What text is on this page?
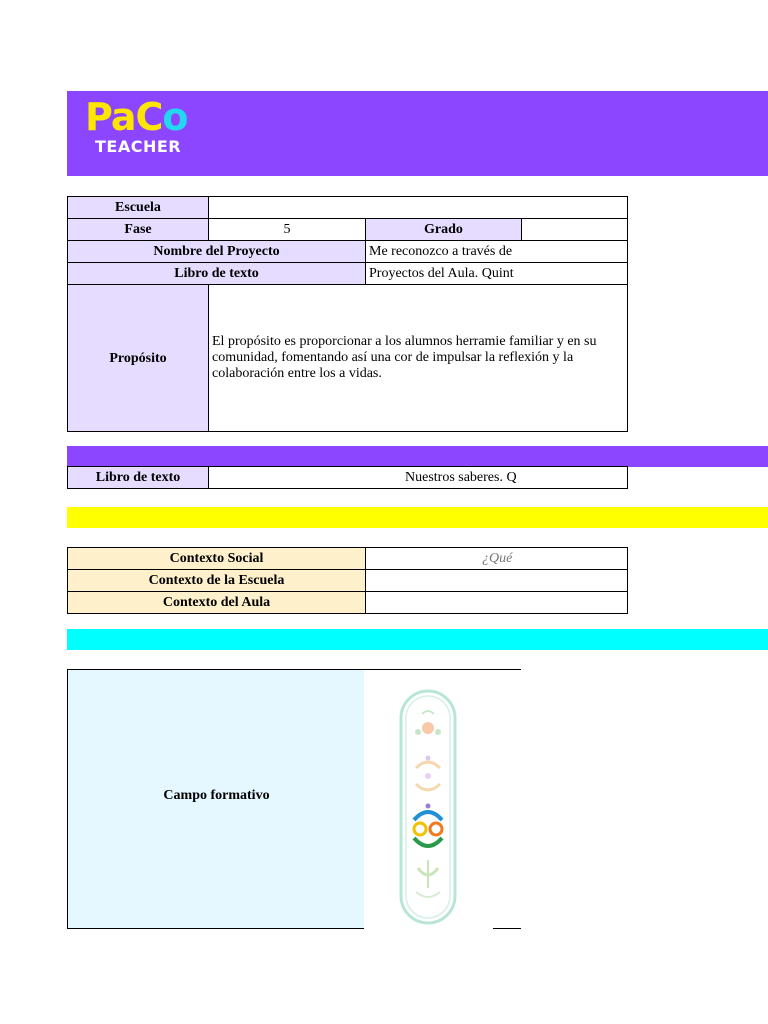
PaCo
TEACHER
Escuela			
Fase	5	Grado	
Nombre del Proyecto		Me reconozco a través de	
Libro de texto		Proyectos del Aula. Quint	
Propósito	El propósito es proporcionar a los alumnos herramie familiar y en su comunidad, fomentando así una cor de impulsar la reflexión y la colaboración entre los a vidas.		
Libro de texto	Nuestros saberes. Q
Contexto Social	¿Qué
Contexto de la Escuela	
Contexto del Aula	
Campo formativo
